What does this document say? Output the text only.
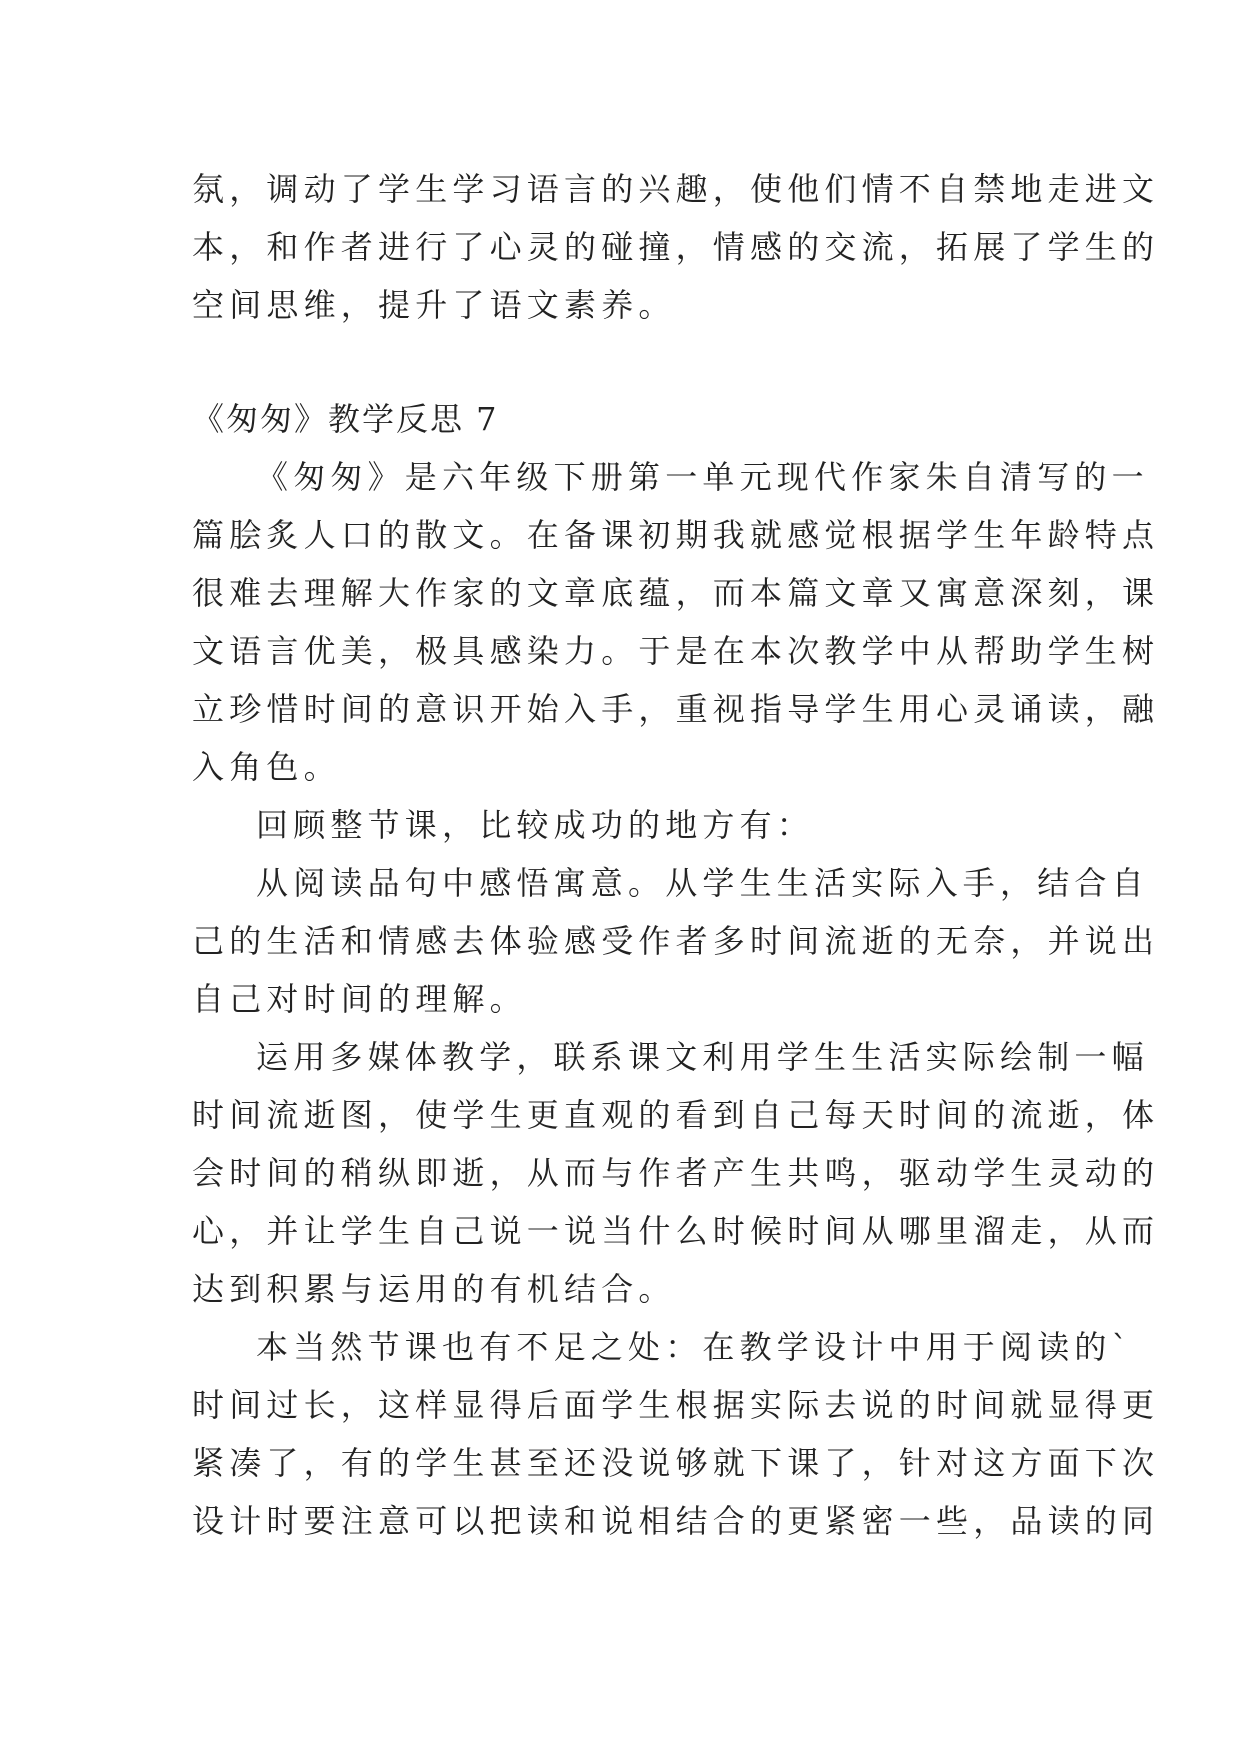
氛，调动了学生学习语言的兴趣，使他们情不自禁地走进文
本，和作者进行了心灵的碰撞，情感的交流，拓展了学生的
空间思维，提升了语文素养。
《匆匆》教学反思 7
《匆匆》是六年级下册第一单元现代作家朱自清写的一
篇脍炙人口的散文。在备课初期我就感觉根据学生年龄特点
很难去理解大作家的文章底蕴，而本篇文章又寓意深刻，课
文语言优美，极具感染力。于是在本次教学中从帮助学生树
立珍惜时间的意识开始入手，重视指导学生用心灵诵读，融
入角色。
回顾整节课，比较成功的地方有：
从阅读品句中感悟寓意。从学生生活实际入手，结合自
己的生活和情感去体验感受作者多时间流逝的无奈，并说出
自己对时间的理解。
运用多媒体教学，联系课文利用学生生活实际绘制一幅
时间流逝图，使学生更直观的看到自己每天时间的流逝，体
会时间的稍纵即逝，从而与作者产生共鸣，驱动学生灵动的
心，并让学生自己说一说当什么时候时间从哪里溜走，从而
达到积累与运用的有机结合。
本当然节课也有不足之处：在教学设计中用于阅读的`
时间过长，这样显得后面学生根据实际去说的时间就显得更
紧凑了，有的学生甚至还没说够就下课了，针对这方面下次
设计时要注意可以把读和说相结合的更紧密一些，品读的同
